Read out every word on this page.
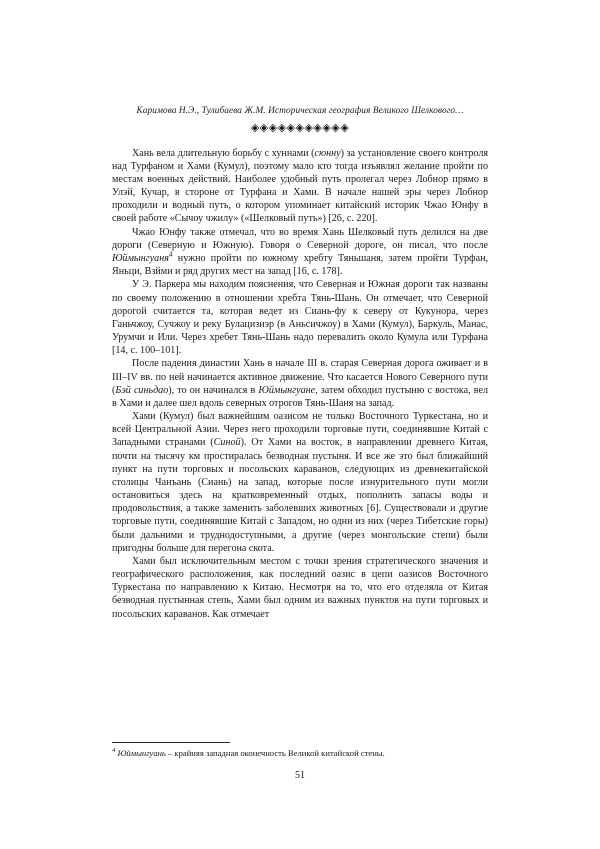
Каримова Н.Э., Тулибаева Ж.М. Историческая география Великого Шелкового…
◈◈◈◈◈◈◈◈◈◈◈

Хань вела длительную борьбу с хуннами (сюнну) за установление своего контроля над Турфаном и Хами (Кумул), поэтому мало кто тогда изъявлял желание пройти по местам военных действий. Наиболее удобный путь пролегал через Лобнор прямо в Улэй, Кучар, в стороне от Турфана и Хами. В начале нашей эры через Лобнор проходили и водный путь, о котором упоминает китайский историк Чжао Юнфу в своей работе «Сычоу чжилу» («Шелковый путь») [26, с. 220].

Чжао Юнфу также отмечал, что во время Хань Шелковый путь делился на две дороги (Северную и Южную). Говоря о Северной дороге, он писал, что после Юймынгуаня$^4$ нужно пройти по южному хребту Тяньшаня, затем пройти Турфан, Яньци, Взйми и ряд других мест на запад [16, с. 178].

У Э. Паркера мы находим пояснения, что Северная и Южная дороги так названы по своему положению в отношении хребта Тянь-Шань. Он отмечает, что Северной дорогой считается та, которая ведет из Сиань-фу к северу от Кукунора, через Ганьчжоу, Сучжоу и реку Булацизиэр (в Аньсичжоу) в Хами (Кумул), Баркуль, Манас, Урумчи и Или. Через хребет Тянь-Шань надо перевалить около Кумула или Турфана [14, с. 100–101].

После падения династии Хань в начале III в. старая Северная дорога оживает и в III–IV вв. по ней начинается активное движение. Что касается Нового Северного пути (Бэй синьдао), то он начинался в Юймынгуане, затем обходил пустыню с востока, вел в Хами и далее шел вдоль северных отрогов Тянь-Шаня на запад.

Хами (Кумул) был важнейшим оазисом не только Восточного Туркестана, но и всей Центральной Азии. Через него проходили торговые пути, соединявшие Китай с Западными странами (Синой). От Хами на восток, в направлении древнего Китая, почти на тысячу км простиралась безводная пустыня. И все же это был ближайший пункт на пути торговых и посольских караванов, следующих из древнекитайской столицы Чанъань (Сиань) на запад, которые после изнурительного пути могли остановиться здесь на кратковременный отдых, пополнить запасы воды и продовольствия, а также заменить заболевших животных [6]. Существовали и другие торговые пути, соединявшие Китай с Западом, но одни из них (через Тибетские горы) были дальними и труднодоступными, а другие (через монгольские степи) были пригодны больше для перегона скота.

Хами был исключительным местом с точки зрения стратегического значения и географического расположения, как последний оазис в цепи оазисов Восточного Туркестана по направлению к Китаю. Несмотря на то, что его отделяла от Китая безводная пустынная степь, Хами был одним из важных пунктов на пути торговых и посольских караванов. Как отмечает

$^4$ Юймынгуань – крайняя западная оконечность Великой китайской стены.

51
